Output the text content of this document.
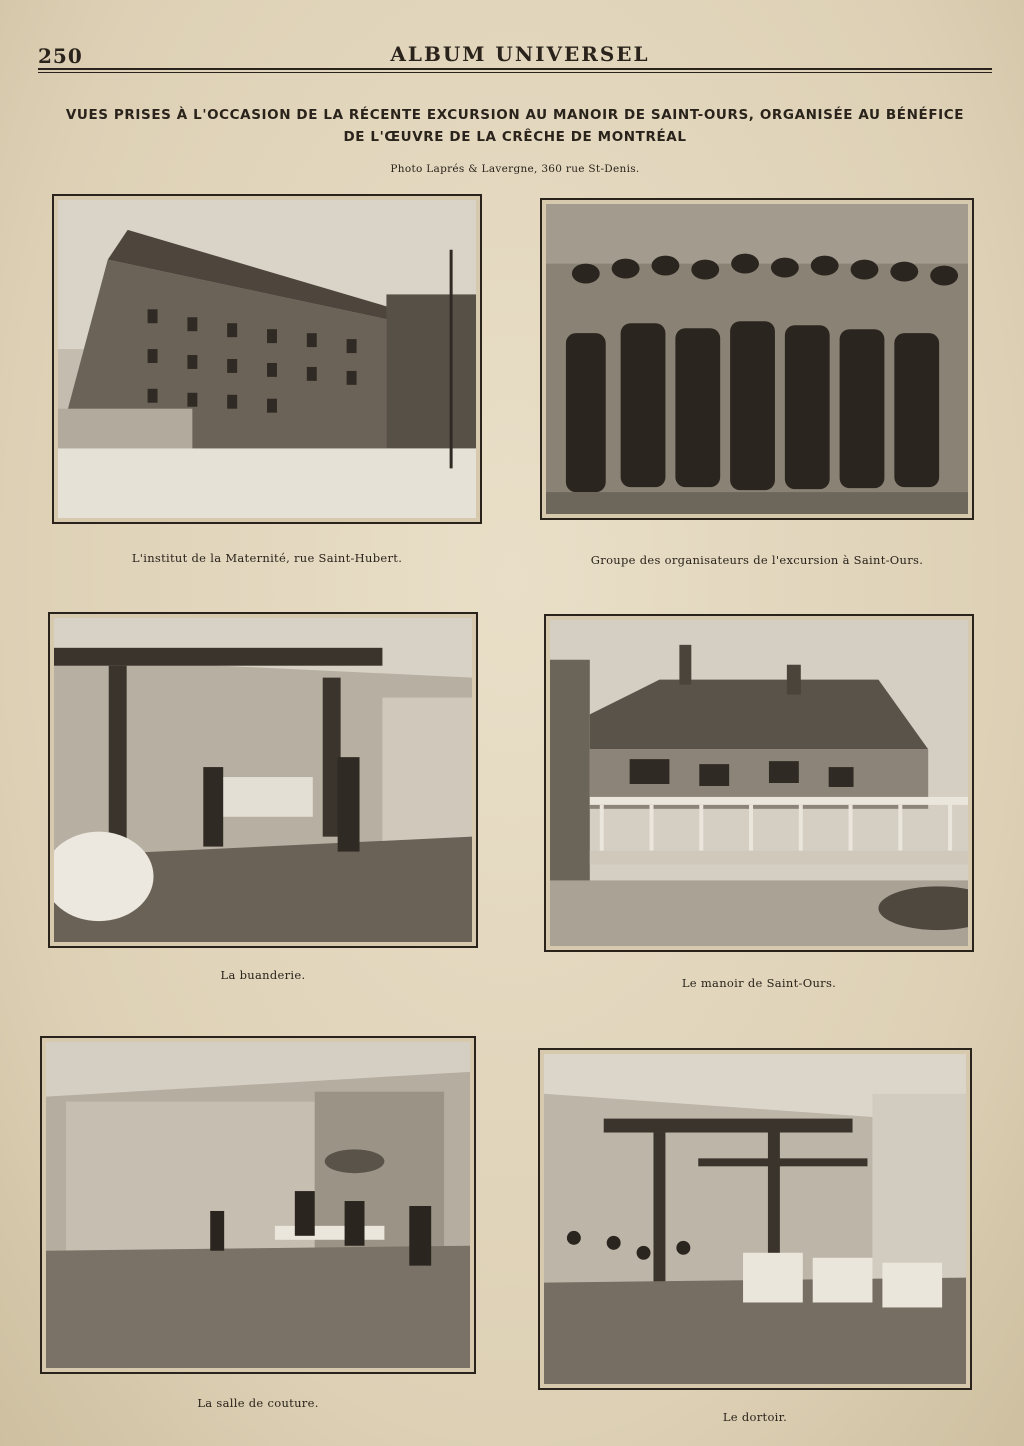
250	ALBUM UNIVERSEL
VUES PRISES À L'OCCASION DE LA RÉCENTE EXCURSION AU MANOIR DE SAINT-OURS, ORGANISÉE AU BÉNÉFICE
DE L'ŒUVRE DE LA CRÊCHE DE MONTRÉAL
Photo Laprés & Lavergne, 360 rue St-Denis.
L'institut de la Maternité, rue Saint-Hubert.	Groupe des organisateurs de l'excursion à Saint-Ours.
La buanderie.
Le manoir de Saint-Ours.
La salle de couture.
Le dortoir.
